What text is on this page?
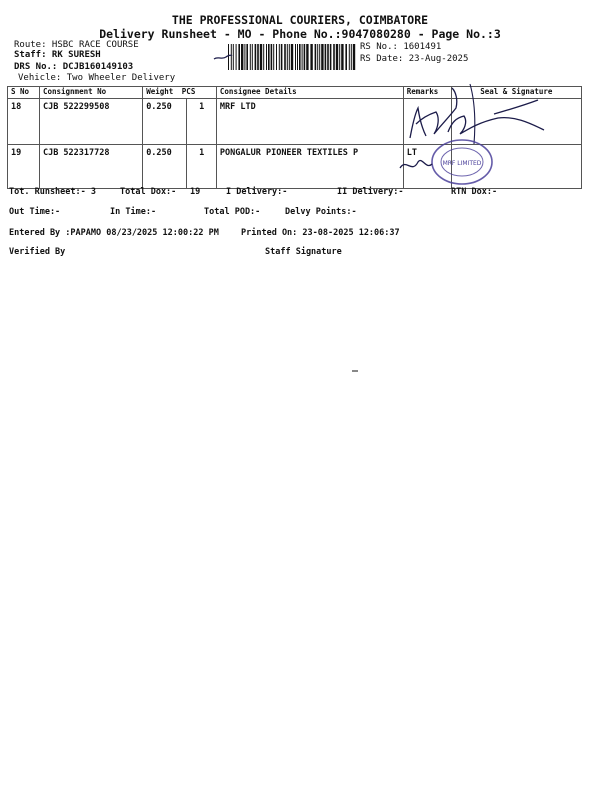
THE PROFESSIONAL COURIERS, COIMBATORE
Delivery Runsheet - MO - Phone No.:9047080280 - Page No.:3
Route: HSBC RACE COURSE
Staff: RK SURESH
DRS No.: DCJB160149103
Vehicle: Two Wheeler Delivery
RS No.: 1601491
RS Date: 23-Aug-2025
S No	Consignment No	Weight PCS		Consignee Details	Remarks	Seal & Signature
18	CJB 522299508	0.250	1	MRF LTD		
19	CJB 522317728	0.250	1	PONGALUR PIONEER TEXTILES P	LT	
MRF LIMITED
Tot. Runsheet:- 3	Total Dox:- 19	I Delivery:-	II Delivery:-	RTN Dox:-
Out Time:-	In Time:-	Total POD:-	Delvy Points:-
Entered By :PAPAMO 08/23/2025 12:00:22 PM	Printed On: 23-08-2025 12:06:37
Verified By	Staff Signature
